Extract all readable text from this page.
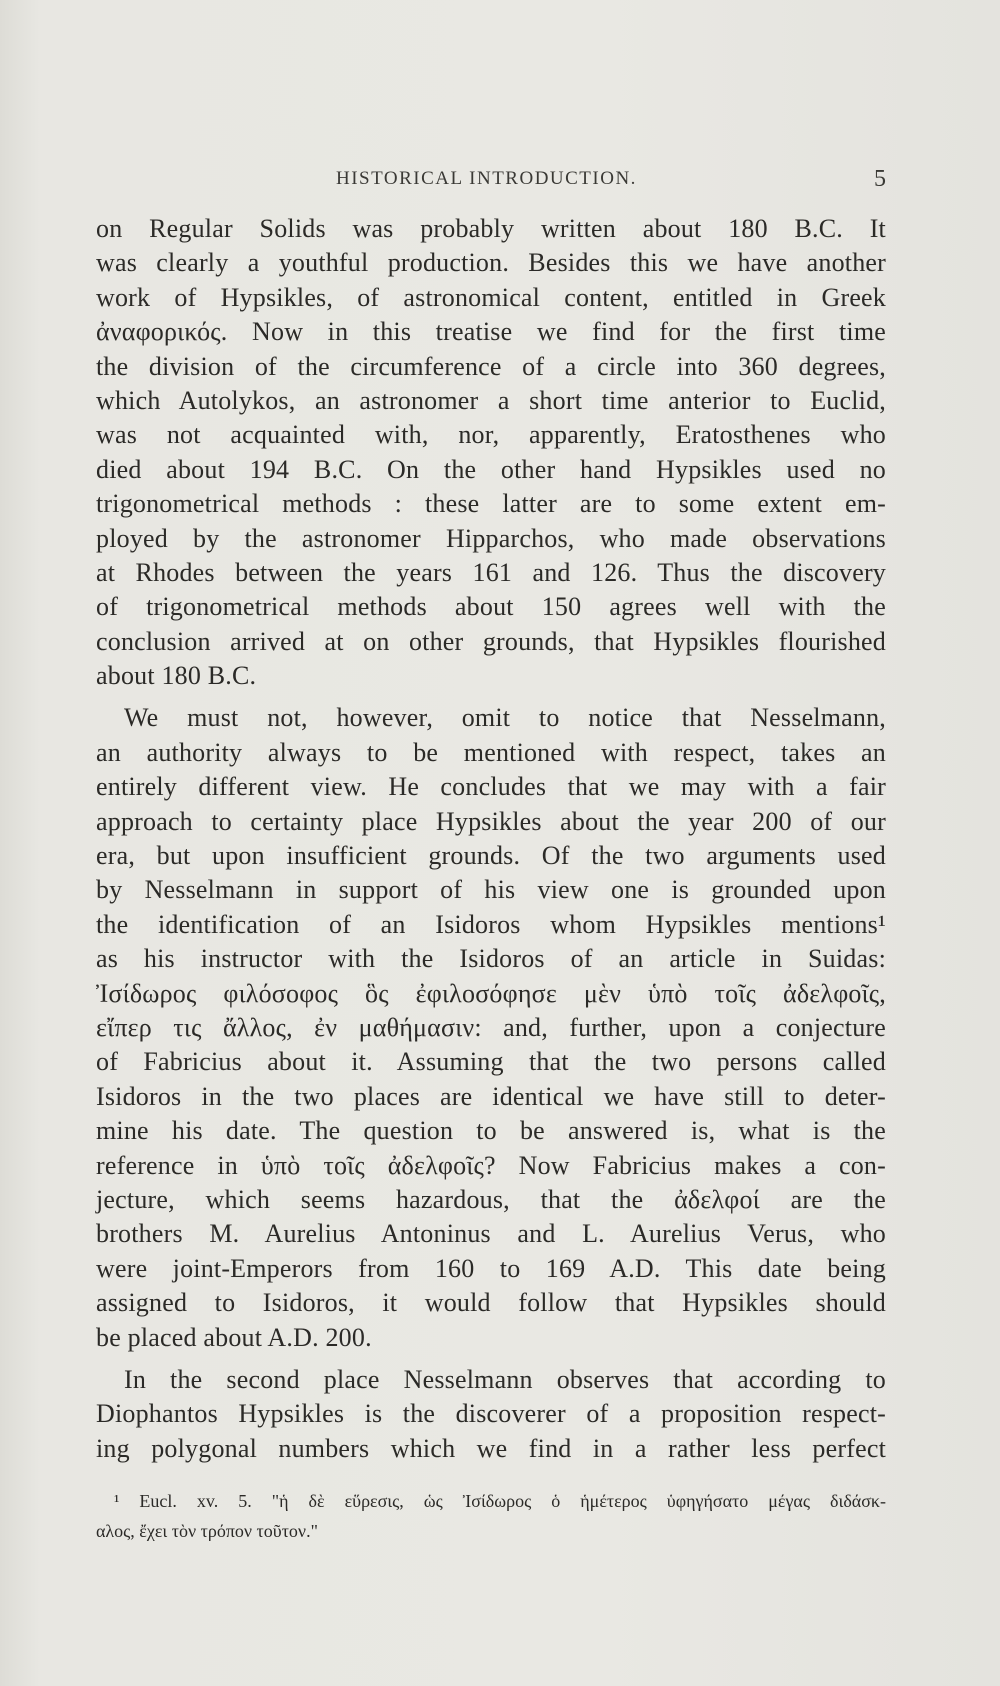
HISTORICAL INTRODUCTION.	5
on Regular Solids was probably written about 180 B.C. It
was clearly a youthful production. Besides this we have another
work of Hypsikles, of astronomical content, entitled in Greek
ἀναφορικός. Now in this treatise we find for the first time
the division of the circumference of a circle into 360 degrees,
which Autolykos, an astronomer a short time anterior to Euclid,
was not acquainted with, nor, apparently, Eratosthenes who
died about 194 B.C. On the other hand Hypsikles used no
trigonometrical methods : these latter are to some extent em-
ployed by the astronomer Hipparchos, who made observations
at Rhodes between the years 161 and 126. Thus the discovery
of trigonometrical methods about 150 agrees well with the
conclusion arrived at on other grounds, that Hypsikles flourished
about 180 B.C.
We must not, however, omit to notice that Nesselmann,
an authority always to be mentioned with respect, takes an
entirely different view. He concludes that we may with a fair
approach to certainty place Hypsikles about the year 200 of our
era, but upon insufficient grounds. Of the two arguments used
by Nesselmann in support of his view one is grounded upon
the identification of an Isidoros whom Hypsikles mentions¹
as his instructor with the Isidoros of an article in Suidas:
Ἰσίδωρος φιλόσοφος ὃς ἐφιλοσόφησε μὲν ὑπὸ τοῖς ἀδελφοῖς,
εἴπερ τις ἄλλος, ἐν μαθήμασιν: and, further, upon a conjecture
of Fabricius about it. Assuming that the two persons called
Isidoros in the two places are identical we have still to deter-
mine his date. The question to be answered is, what is the
reference in ὑπὸ τοῖς ἀδελφοῖς? Now Fabricius makes a con-
jecture, which seems hazardous, that the ἀδελφοί are the
brothers M. Aurelius Antoninus and L. Aurelius Verus, who
were joint-Emperors from 160 to 169 A.D. This date being
assigned to Isidoros, it would follow that Hypsikles should
be placed about A.D. 200.
In the second place Nesselmann observes that according to
Diophantos Hypsikles is the discoverer of a proposition respect-
ing polygonal numbers which we find in a rather less perfect
¹ Eucl. xv. 5. "ἡ δὲ εὕρεσις, ὡς Ἰσίδωρος ὁ ἡμέτερος ὑφηγήσατο μέγας διδάσκ-
αλος, ἔχει τὸν τρόπον τοῦτον."
